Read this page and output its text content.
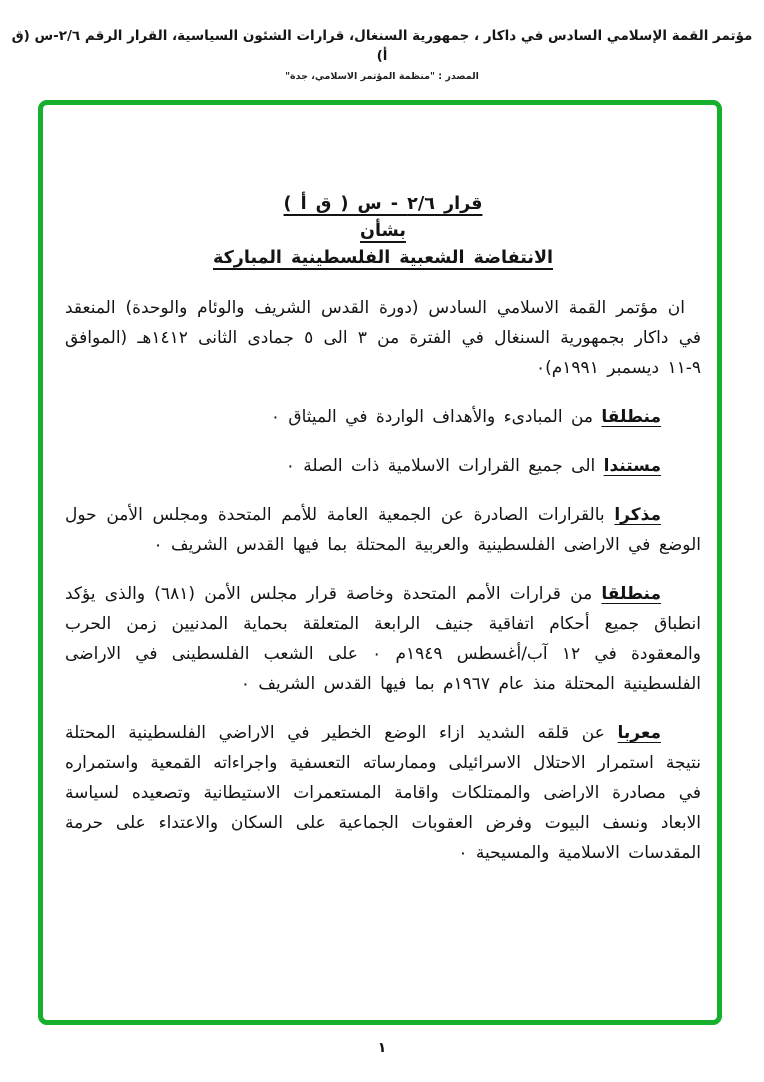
مؤتمر القمة الإسلامي السادس في داكار ، جمهورية السنغال، قرارات الشئون السياسية، القرار الرقم ٢/٦-س (ق أ)
المصدر : "منظمة المؤتمر الاسلامي، جدة"
قرار ٢/٦ - س ( ق أ )
بشأن
الانتفاضة الشعبية الفلسطينية المباركة

ان مؤتمر القمة الاسلامي السادس (دورة القدس الشريف والوئام والوحدة) المنعقد في داكار بجمهورية السنغال في الفترة من ٣ الى ٥ جمادى الثانى ١٤١٢هـ (الموافق ٩-١١ ديسمبر ١٩٩١م)٠

منطلقا من المبادىء والأهداف الواردة في الميثاق ٠

مستندا الى جميع القرارات الاسلامية ذات الصلة ٠

مذكرا بالقرارات الصادرة عن الجمعية العامة للأمم المتحدة ومجلس الأمن حول الوضع في الاراضى الفلسطينية والعربية المحتلة بما فيها القدس الشريف ٠

منطلقا من قرارات الأمم المتحدة وخاصة قرار مجلس الأمن (٦٨١) والذى يؤكد انطباق جميع أحكام اتفاقية جنيف الرابعة المتعلقة بحماية المدنيين زمن الحرب والمعقودة في ١٢ آب/أغسطس ١٩٤٩م ٠ على الشعب الفلسطينى في الاراضى الفلسطينية المحتلة منذ عام ١٩٦٧م بما فيها القدس الشريف ٠

معربا عن قلقه الشديد ازاء الوضع الخطير في الاراضي الفلسطينية المحتلة نتيجة استمرار الاحتلال الاسرائيلى وممارساته التعسفية واجراءاته القمعية واستمراره في مصادرة الاراضى والممتلكات واقامة المستعمرات الاستيطانية وتصعيده لسياسة الابعاد ونسف البيوت وفرض العقوبات الجماعية على السكان والاعتداء على حرمة المقدسات الاسلامية والمسيحية ٠

١
